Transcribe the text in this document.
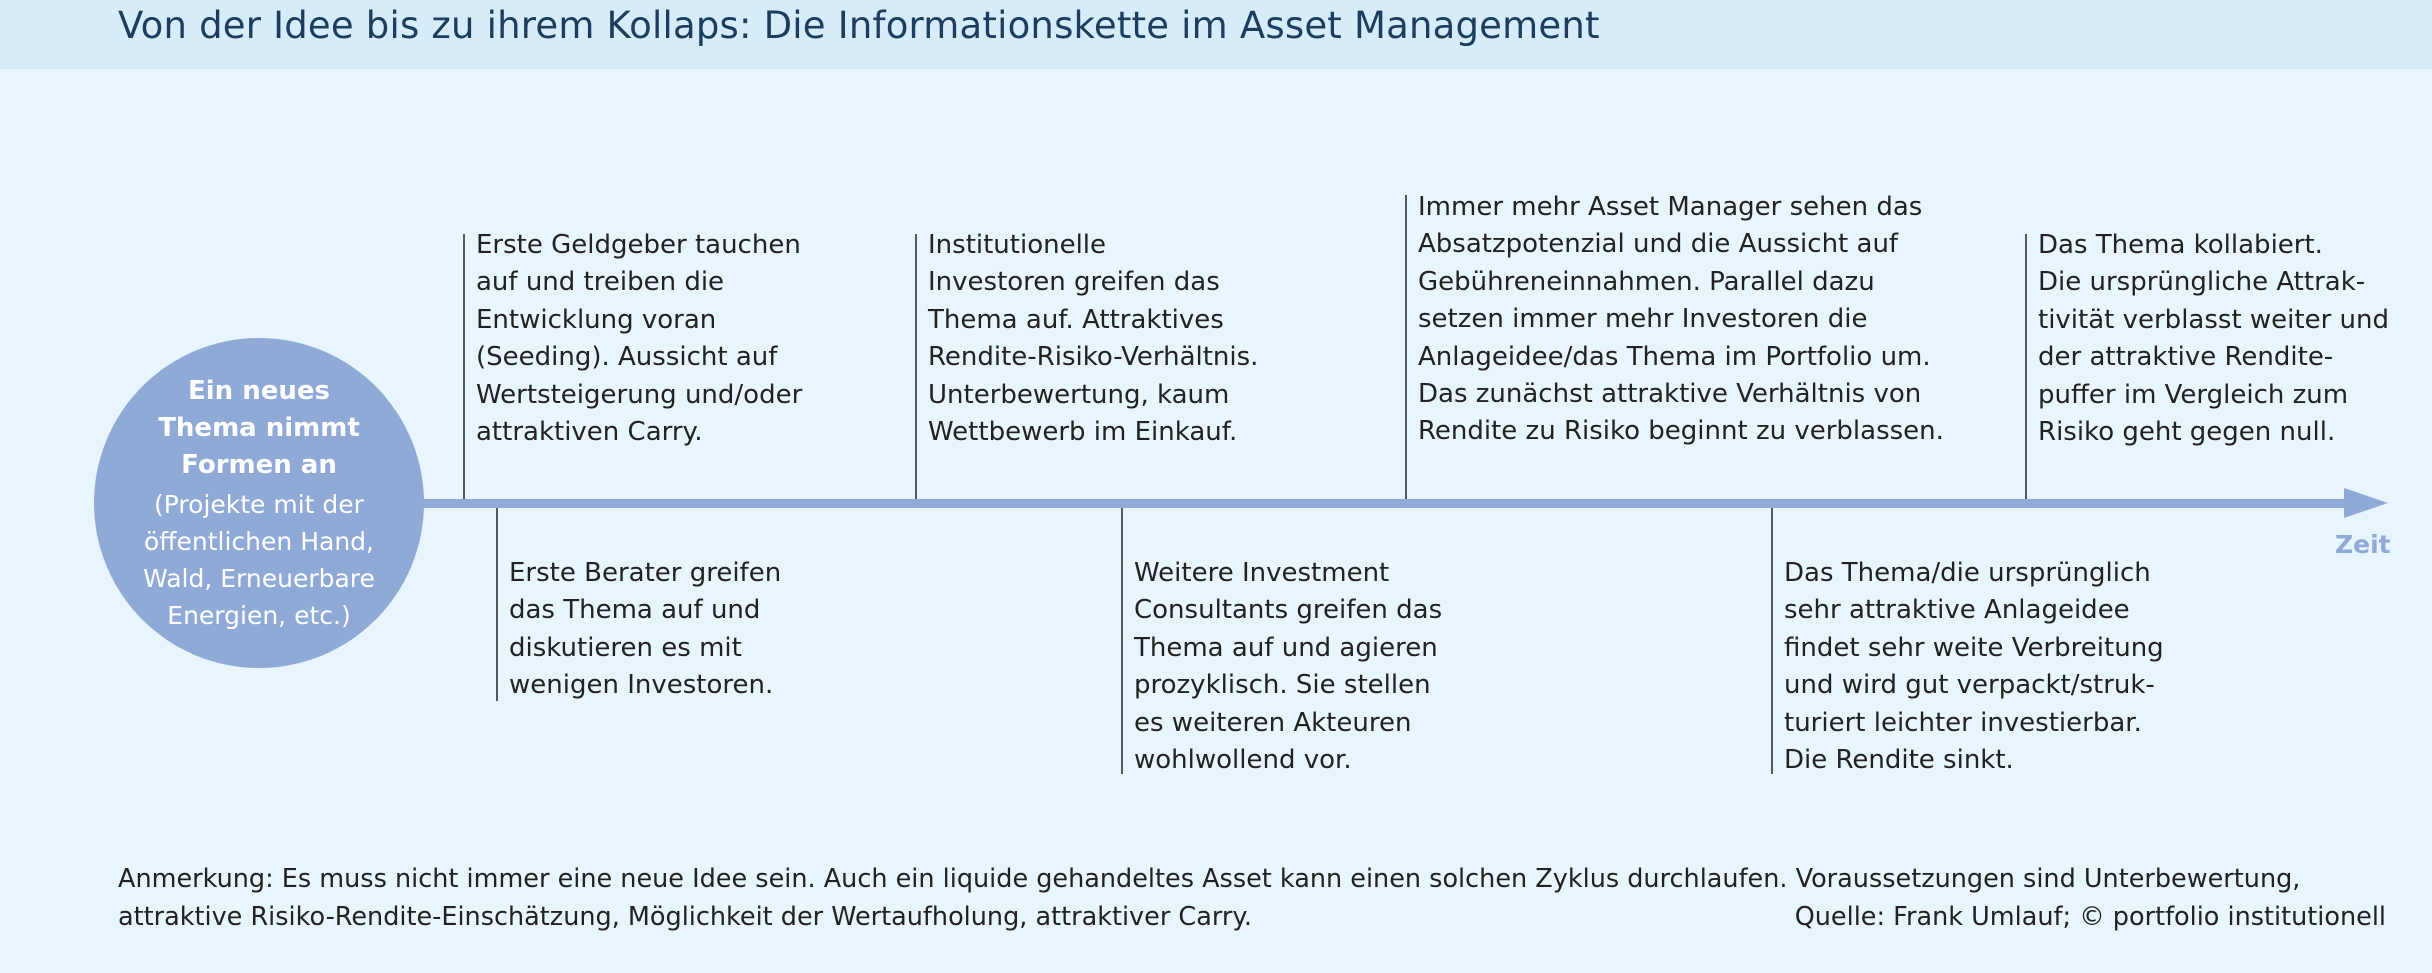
Von der Idee bis zu ihrem Kollaps: Die Informationskette im Asset Management
Zeit
Ein neues Thema nimmt Formen an
(Projekte mit der öffentlichen Hand, Wald, Erneuerbare Energien, etc.)
Erste Geldgeber tauchen
auf und treiben die
Entwicklung voran
(Seeding). Aussicht auf
Wertsteigerung und/oder
attraktiven Carry.
Institutionelle
Investoren greifen das
Thema auf. Attraktives
Rendite-Risiko-Verhältnis.
Unterbewertung, kaum
Wettbewerb im Einkauf.
Immer mehr Asset Manager sehen das
Absatzpotenzial und die Aussicht auf
Gebühreneinnahmen. Parallel dazu
setzen immer mehr Investoren die
Anlageidee/das Thema im Portfolio um.
Das zunächst attraktive Verhältnis von
Rendite zu Risiko beginnt zu verblassen.
Das Thema kollabiert.
Die ursprüngliche Attrak-
tivität verblasst weiter und
der attraktive Rendite-
puffer im Vergleich zum
Risiko geht gegen null.
Erste Berater greifen
das Thema auf und
diskutieren es mit
wenigen Investoren.
Weitere Investment
Consultants greifen das
Thema auf und agieren
prozyklisch. Sie stellen
es weiteren Akteuren
wohlwollend vor.
Das Thema/die ursprünglich
sehr attraktive Anlageidee
findet sehr weite Verbreitung
und wird gut verpackt/struk-
turiert leichter investierbar.
Die Rendite sinkt.
Anmerkung: Es muss nicht immer eine neue Idee sein. Auch ein liquide gehandeltes Asset kann einen solchen Zyklus durchlaufen. Voraussetzungen sind Unterbewertung, attraktive Risiko-Rendite-Einschätzung, Möglichkeit der Wertaufholung, attraktiver Carry.	Quelle: Frank Umlauf; © portfolio institutionell
